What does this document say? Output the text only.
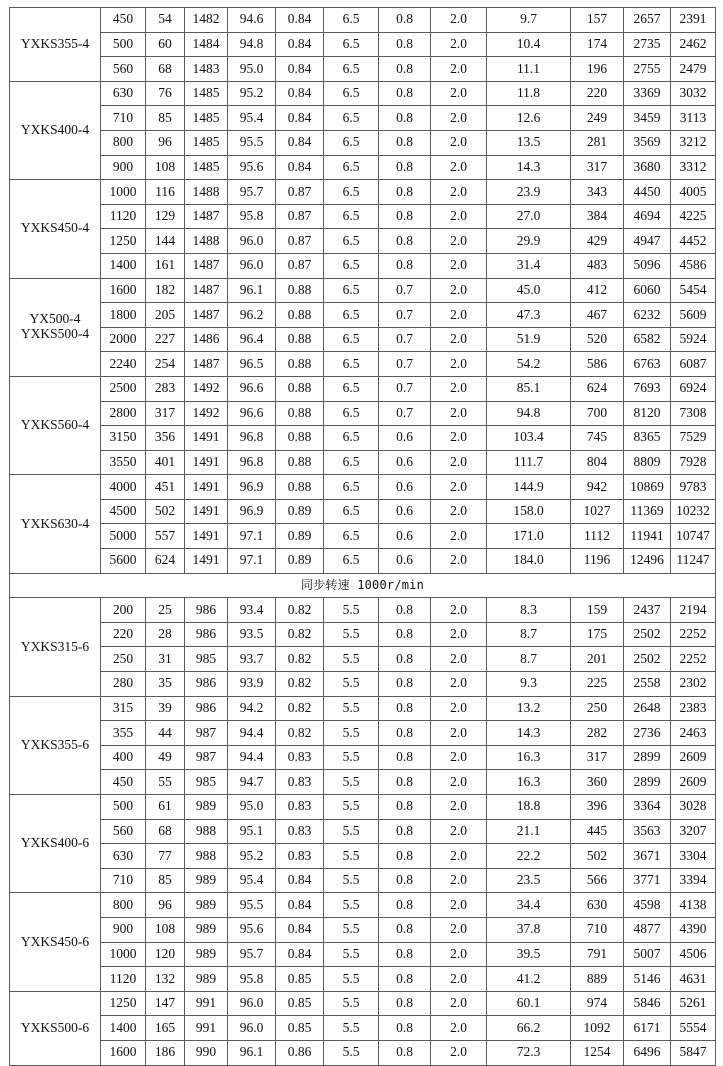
YXKS355-4	450	54	1482	94.6	0.84	6.5	0.8	2.0	9.7	157	2657	2391
	500	60	1484	94.8	0.84	6.5	0.8	2.0	10.4	174	2735	2462
	560	68	1483	95.0	0.84	6.5	0.8	2.0	11.1	196	2755	2479

YXKS400-4	630	76	1485	95.2	0.84	6.5	0.8	2.0	11.8	220	3369	3032
	710	85	1485	95.4	0.84	6.5	0.8	2.0	12.6	249	3459	3113
	800	96	1485	95.5	0.84	6.5	0.8	2.0	13.5	281	3569	3212
	900	108	1485	95.6	0.84	6.5	0.8	2.0	14.3	317	3680	3312

YXKS450-4	1000	116	1488	95.7	0.87	6.5	0.8	2.0	23.9	343	4450	4005
	1120	129	1487	95.8	0.87	6.5	0.8	2.0	27.0	384	4694	4225
	1250	144	1488	96.0	0.87	6.5	0.8	2.0	29.9	429	4947	4452
	1400	161	1487	96.0	0.87	6.5	0.8	2.0	31.4	483	5096	4586

YX500-4
YXKS500-4	1600	182	1487	96.1	0.88	6.5	0.7	2.0	45.0	412	6060	5454
	1800	205	1487	96.2	0.88	6.5	0.7	2.0	47.3	467	6232	5609
	2000	227	1486	96.4	0.88	6.5	0.7	2.0	51.9	520	6582	5924
	2240	254	1487	96.5	0.88	6.5	0.7	2.0	54.2	586	6763	6087

YXKS560-4	2500	283	1492	96.6	0.88	6.5	0.7	2.0	85.1	624	7693	6924
	2800	317	1492	96.6	0.88	6.5	0.7	2.0	94.8	700	8120	7308
	3150	356	1491	96.8	0.88	6.5	0.6	2.0	103.4	745	8365	7529
	3550	401	1491	96.8	0.88	6.5	0.6	2.0	111.7	804	8809	7928

YXKS630-4	4000	451	1491	96.9	0.88	6.5	0.6	2.0	144.9	942	10869	9783
	4500	502	1491	96.9	0.89	6.5	0.6	2.0	158.0	1027	11369	10232
	5000	557	1491	97.1	0.89	6.5	0.6	2.0	171.0	1112	11941	10747
	5600	624	1491	97.1	0.89	6.5	0.6	2.0	184.0	1196	12496	11247
同步转速 1000r/min												

YXKS315-6	200	25	986	93.4	0.82	5.5	0.8	2.0	8.3	159	2437	2194
	220	28	986	93.5	0.82	5.5	0.8	2.0	8.7	175	2502	2252
	250	31	985	93.7	0.82	5.5	0.8	2.0	8.7	201	2502	2252
	280	35	986	93.9	0.82	5.5	0.8	2.0	9.3	225	2558	2302

YXKS355-6	315	39	986	94.2	0.82	5.5	0.8	2.0	13.2	250	2648	2383
	355	44	987	94.4	0.82	5.5	0.8	2.0	14.3	282	2736	2463
	400	49	987	94.4	0.83	5.5	0.8	2.0	16.3	317	2899	2609
	450	55	985	94.7	0.83	5.5	0.8	2.0	16.3	360	2899	2609

YXKS400-6	500	61	989	95.0	0.83	5.5	0.8	2.0	18.8	396	3364	3028
	560	68	988	95.1	0.83	5.5	0.8	2.0	21.1	445	3563	3207
	630	77	988	95.2	0.83	5.5	0.8	2.0	22.2	502	3671	3304
	710	85	989	95.4	0.84	5.5	0.8	2.0	23.5	566	3771	3394

YXKS450-6	800	96	989	95.5	0.84	5.5	0.8	2.0	34.4	630	4598	4138
	900	108	989	95.6	0.84	5.5	0.8	2.0	37.8	710	4877	4390
	1000	120	989	95.7	0.84	5.5	0.8	2.0	39.5	791	5007	4506
	1120	132	989	95.8	0.85	5.5	0.8	2.0	41.2	889	5146	4631

YXKS500-6	1250	147	991	96.0	0.85	5.5	0.8	2.0	60.1	974	5846	5261
	1400	165	991	96.0	0.85	5.5	0.8	2.0	66.2	1092	6171	5554
	1600	186	990	96.1	0.86	5.5	0.8	2.0	72.3	1254	6496	5847
